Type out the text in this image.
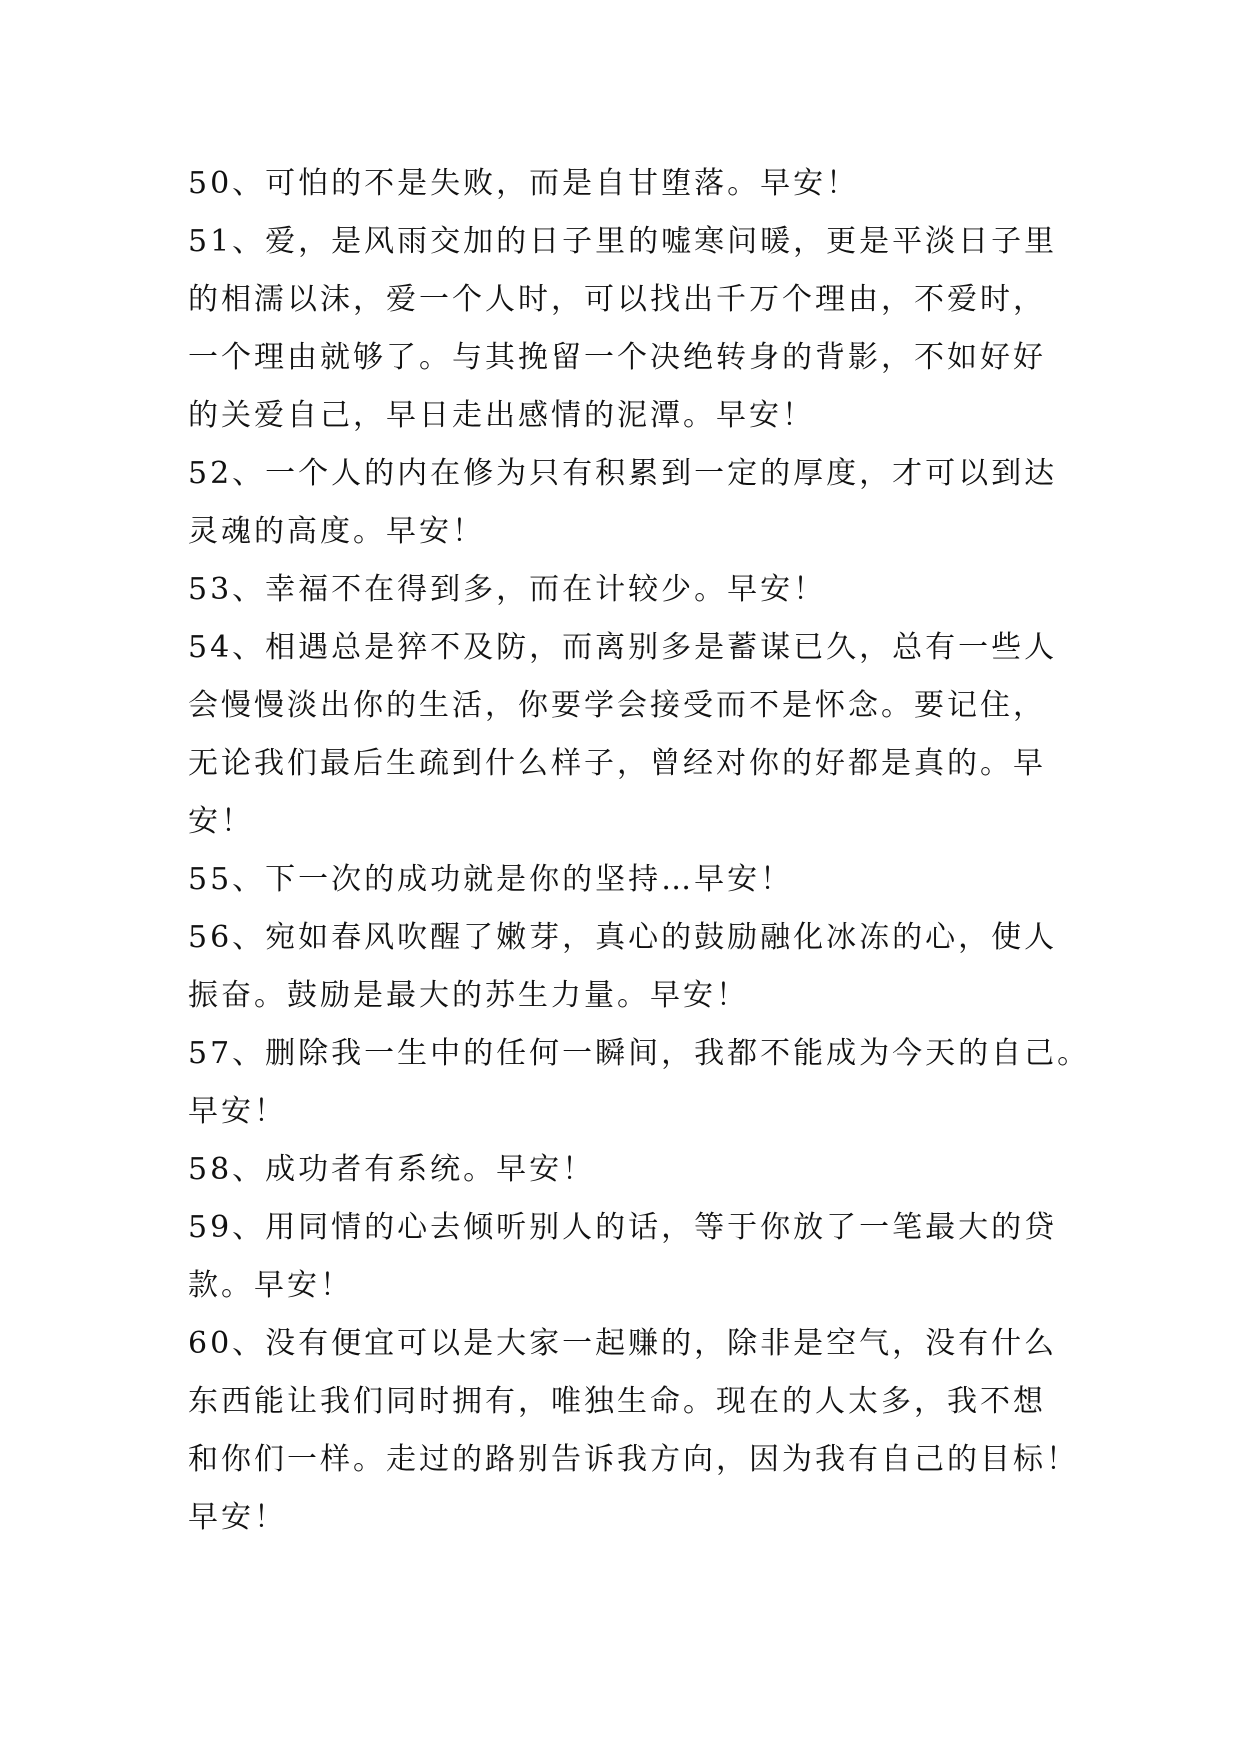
50、可怕的不是失败，而是自甘堕落。早安！
51、爱，是风雨交加的日子里的嘘寒问暖，更是平淡日子里
的相濡以沫，爱一个人时，可以找出千万个理由，不爱时，
一个理由就够了。与其挽留一个决绝转身的背影，不如好好
的关爱自己，早日走出感情的泥潭。早安！
52、一个人的内在修为只有积累到一定的厚度，才可以到达
灵魂的高度。早安！
53、幸福不在得到多，而在计较少。早安！
54、相遇总是猝不及防，而离别多是蓄谋已久，总有一些人
会慢慢淡出你的生活，你要学会接受而不是怀念。要记住，
无论我们最后生疏到什么样子，曾经对你的好都是真的。早
安！
55、下一次的成功就是你的坚持…早安！
56、宛如春风吹醒了嫩芽，真心的鼓励融化冰冻的心，使人
振奋。鼓励是最大的苏生力量。早安！
57、删除我一生中的任何一瞬间，我都不能成为今天的自己。
早安！
58、成功者有系统。早安！
59、用同情的心去倾听别人的话，等于你放了一笔最大的贷
款。早安！
60、没有便宜可以是大家一起赚的，除非是空气，没有什么
东西能让我们同时拥有，唯独生命。现在的人太多，我不想
和你们一样。走过的路别告诉我方向，因为我有自己的目标！
早安！
